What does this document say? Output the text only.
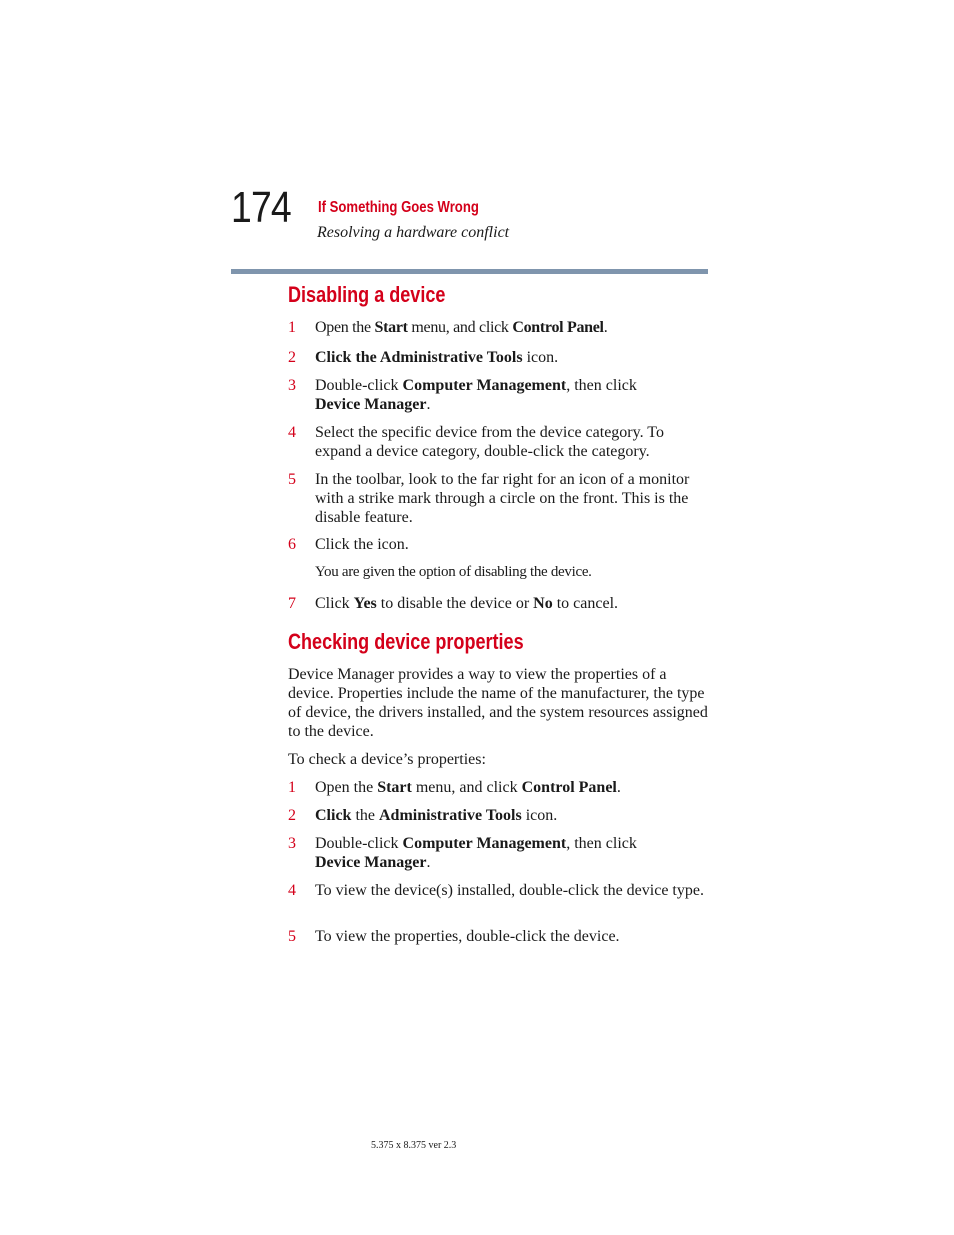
174 If Something Goes Wrong
Resolving a hardware conflict
Disabling a device
1 Open the Start menu, and click Control Panel.
2 Click the Administrative Tools icon.
3 Double-click Computer Management, then click
Device Manager.
4 Select the specific device from the device category. To expand a device category, double-click the category.
5 In the toolbar, look to the far right for an icon of a monitor with a strike mark through a circle on the front. This is the disable feature.
6 Click the icon.
You are given the option of disabling the device.
7 Click Yes to disable the device or No to cancel.
Checking device properties
Device Manager provides a way to view the properties of a device. Properties include the name of the manufacturer, the type of device, the drivers installed, and the system resources assigned to the device.
To check a device’s properties:
1 Open the Start menu, and click Control Panel.
2 Click the Administrative Tools icon.
3 Double-click Computer Management, then click
Device Manager.
4 To view the device(s) installed, double-click the device type.
5 To view the properties, double-click the device.
5.375 x 8.375 ver 2.3
